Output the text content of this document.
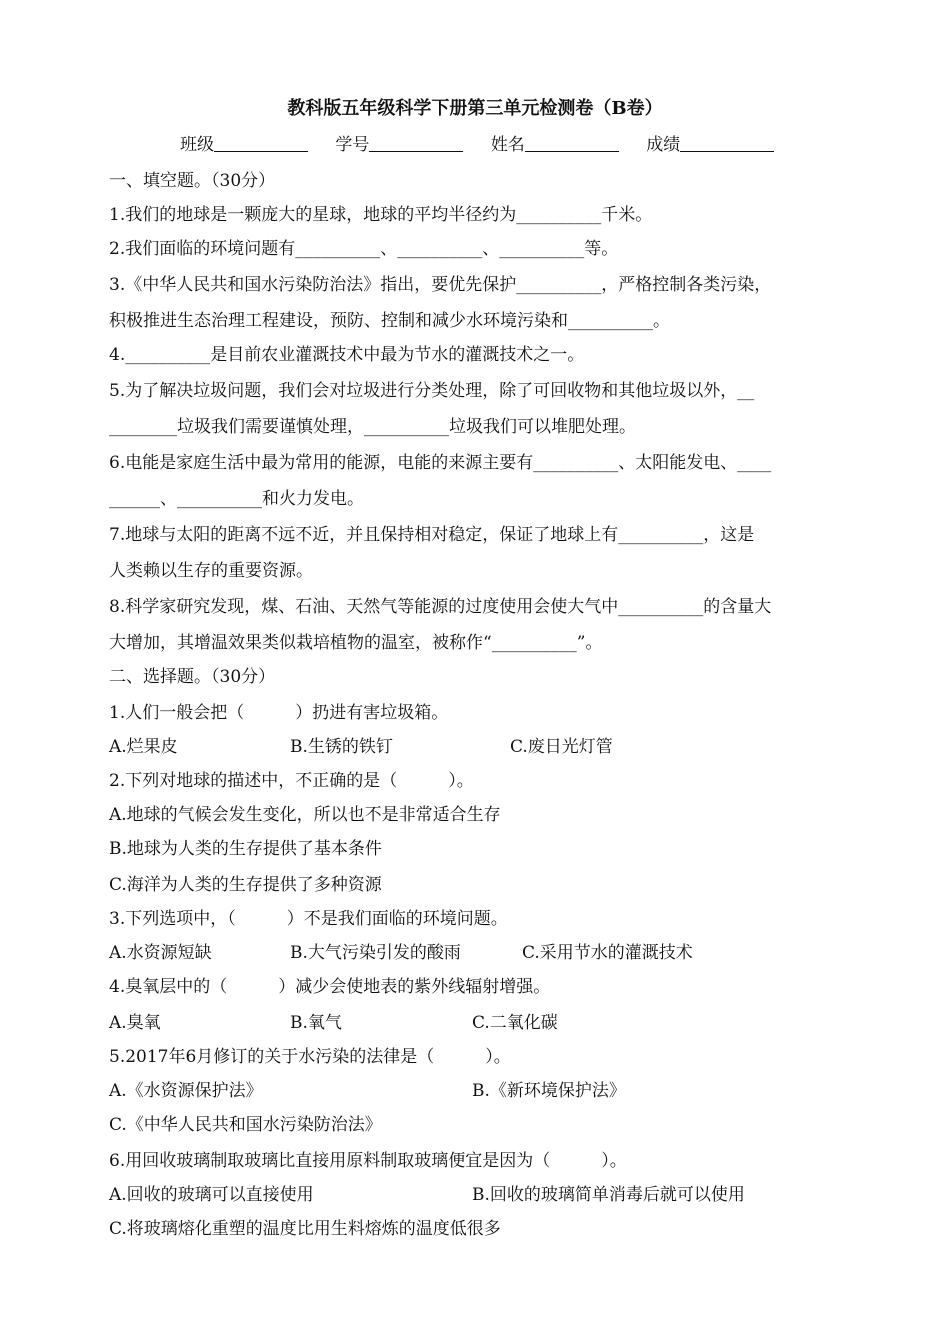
教科版五年级科学下册第三单元检测卷（B卷）
班级	学号	姓名	成绩
一、填空题。（30分）
1.我们的地球是一颗庞大的星球，地球的平均半径约为__________千米。
2.我们面临的环境问题有__________、__________、__________等。
3.《中华人民共和国水污染防治法》指出，要优先保护__________，严格控制各类污染，
积极推进生态治理工程建设，预防、控制和减少水环境污染和__________。
4.__________是目前农业灌溉技术中最为节水的灌溉技术之一。
5.为了解决垃圾问题，我们会对垃圾进行分类处理，除了可回收物和其他垃圾以外，__
________垃圾我们需要谨慎处理，__________垃圾我们可以堆肥处理。
6.电能是家庭生活中最为常用的能源，电能的来源主要有__________、太阳能发电、____
______、__________和火力发电。
7.地球与太阳的距离不远不近，并且保持相对稳定，保证了地球上有__________，这是
人类赖以生存的重要资源。
8.科学家研究发现，煤、石油、天然气等能源的过度使用会使大气中__________的含量大
大增加，其增温效果类似栽培植物的温室，被称作“__________”。
二、选择题。（30分）
1.人们一般会把（　　　）扔进有害垃圾箱。
A.烂果皮	B.生锈的铁钉	C.废日光灯管
2.下列对地球的描述中，不正确的是（　　　）。
A.地球的气候会发生变化，所以也不是非常适合生存
B.地球为人类的生存提供了基本条件
C.海洋为人类的生存提供了多种资源
3.下列选项中，（　　　）不是我们面临的环境问题。
A.水资源短缺	B.大气污染引发的酸雨	C.采用节水的灌溉技术
4.臭氧层中的（　　　）减少会使地表的紫外线辐射增强。
A.臭氧	B.氧气	C.二氧化碳
5.2017年6月修订的关于水污染的法律是（　　　）。
A.《水资源保护法》	B.《新环境保护法》
C.《中华人民共和国水污染防治法》
6.用回收玻璃制取玻璃比直接用原料制取玻璃便宜是因为（　　　）。
A.回收的玻璃可以直接使用	B.回收的玻璃简单消毒后就可以使用
C.将玻璃熔化重塑的温度比用生料熔炼的温度低很多
